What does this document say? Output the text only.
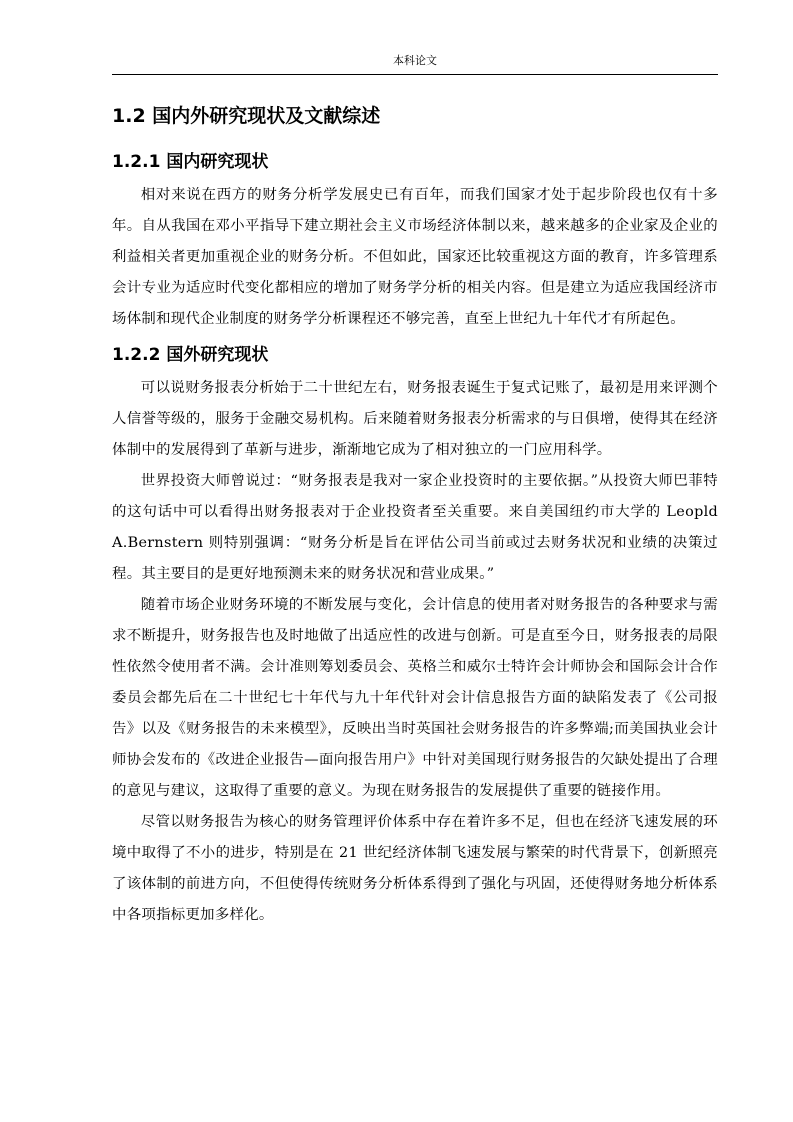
本科论文
1.2 国内外研究现状及文献综述
1.2.1 国内研究现状

相对来说在西方的财务分析学发展史已有百年，而我们国家才处于起步阶段也仅有十多年。自从我国在邓小平指导下建立期社会主义市场经济体制以来，越来越多的企业家及企业的利益相关者更加重视企业的财务分析。不但如此，国家还比较重视这方面的教育，许多管理系会计专业为适应时代变化都相应的增加了财务学分析的相关内容。但是建立为适应我国经济市场体制和现代企业制度的财务学分析课程还不够完善，直至上世纪九十年代才有所起色。

1.2.2 国外研究现状

可以说财务报表分析始于二十世纪左右，财务报表诞生于复式记账了，最初是用来评测个人信誉等级的，服务于金融交易机构。后来随着财务报表分析需求的与日俱增，使得其在经济体制中的发展得到了革新与进步，渐渐地它成为了相对独立的一门应用科学。

世界投资大师曾说过：“财务报表是我对一家企业投资时的主要依据。”从投资大师巴菲特的这句话中可以看得出财务报表对于企业投资者至关重要。来自美国纽约市大学的 Leopld A.Bernstern 则特别强调：“财务分析是旨在评估公司当前或过去财务状况和业绩的决策过程。其主要目的是更好地预测未来的财务状况和营业成果。”

随着市场企业财务环境的不断发展与变化，会计信息的使用者对财务报告的各种要求与需求不断提升，财务报告也及时地做了出适应性的改进与创新。可是直至今日，财务报表的局限性依然令使用者不满。会计准则筹划委员会、英格兰和威尔士特许会计师协会和国际会计合作委员会都先后在二十世纪七十年代与九十年代针对会计信息报告方面的缺陷发表了《公司报告》以及《财务报告的未来模型》，反映出当时英国社会财务报告的许多弊端;而美国执业会计师协会发布的《改进企业报告—面向报告用户》中针对美国现行财务报告的欠缺处提出了合理的意见与建议，这取得了重要的意义。为现在财务报告的发展提供了重要的链接作用。

尽管以财务报告为核心的财务管理评价体系中存在着许多不足，但也在经济飞速发展的环境中取得了不小的进步，特别是在 21 世纪经济体制飞速发展与繁荣的时代背景下，创新照亮了该体制的前进方向，不但使得传统财务分析体系得到了强化与巩固，还使得财务地分析体系中各项指标更加多样化。
